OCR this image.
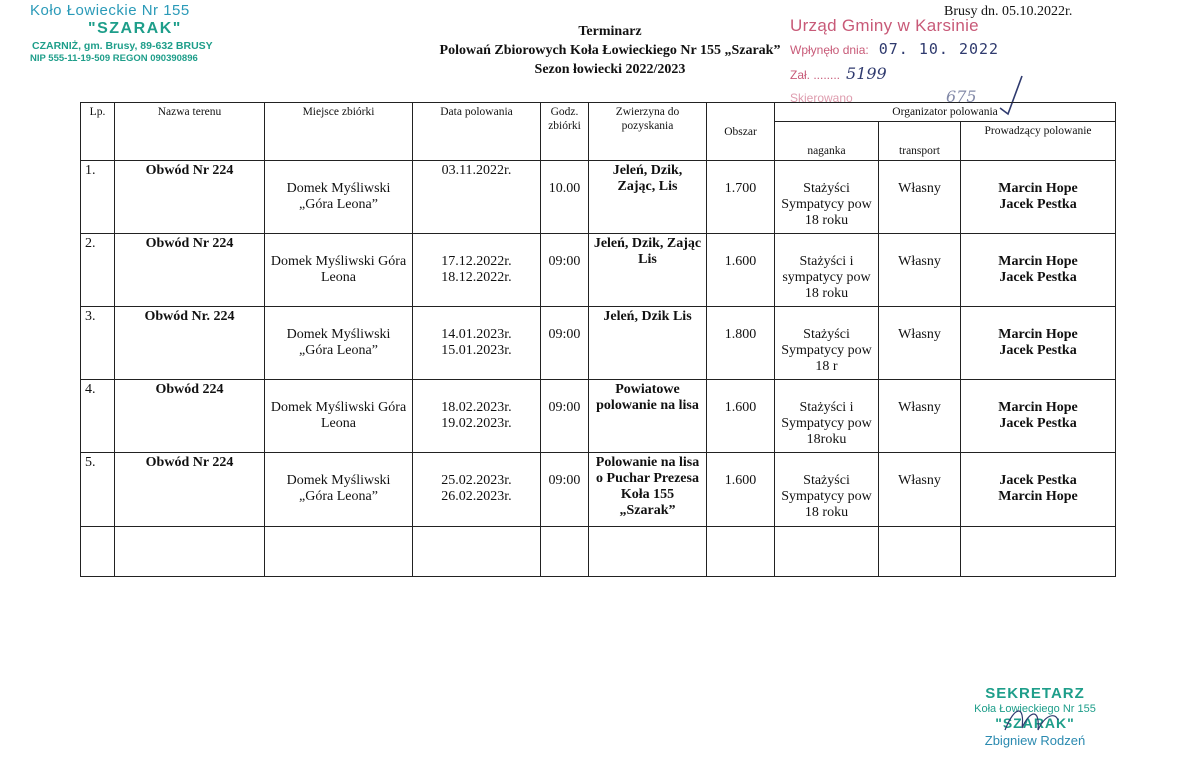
Koło Łowieckie Nr 155
"SZARAK"
CZARNIŻ, gm. Brusy, 89-632 BRUSY
NIP 555-11-19-509 REGON 090390896
Brusy dn. 05.10.2022r.
Terminarz
Polowań Zbiorowych Koła Łowieckiego Nr 155 „Szarak”
Sezon łowiecki 2022/2023
Urząd Gminy w Karsinie
Wpłynęło dnia: 07. 10. 2022
Zał. ........ 5199
Skierowano	675
Lp.	Nazwa terenu	Miejsce zbiórki	Data polowania	Godz. zbiórki	Zwierzyna do pozyskania	Obszar	Organizator polowania		
							naganka	transport	Prowadzący polowanie
1.	Obwód Nr 224	Domek Myśliwski „Góra Leona”	03.11.2022r.	10.00	Jeleń, Dzik, Zając, Lis	1.700	Stażyści Sympatycy pow 18 roku	Własny	Marcin Hope
Jacek Pestka

2.	Obwód Nr 224	Domek Myśliwski Góra Leona	17.12.2022r. 18.12.2022r.	09:00	Jeleń, Dzik, Zając Lis	1.600	Stażyści i sympatycy pow 18 roku	Własny	Marcin Hope
Jacek Pestka

3.	Obwód Nr. 224	Domek Myśliwski „Góra Leona”	14.01.2023r. 15.01.2023r.	09:00	Jeleń, Dzik Lis	1.800	Stażyści Sympatycy pow 18 r	Własny	Marcin Hope
Jacek Pestka

4.	Obwód 224	Domek Myśliwski Góra Leona	18.02.2023r. 19.02.2023r.	09:00	Powiatowe polowanie na lisa	1.600	Stażyści i Sympatycy pow 18roku	Własny	Marcin Hope
Jacek Pestka

5.	Obwód Nr 224	Domek Myśliwski „Góra Leona”	25.02.2023r. 26.02.2023r.	09:00	Polowanie na lisa o Puchar Prezesa Koła 155 „Szarak”	1.600	Stażyści Sympatycy pow 18 roku	Własny	Jacek Pestka
Marcin Hope

SEKRETARZ
Koła Łowieckiego Nr 155
"SZARAK"
Zbigniew Rodzeń
